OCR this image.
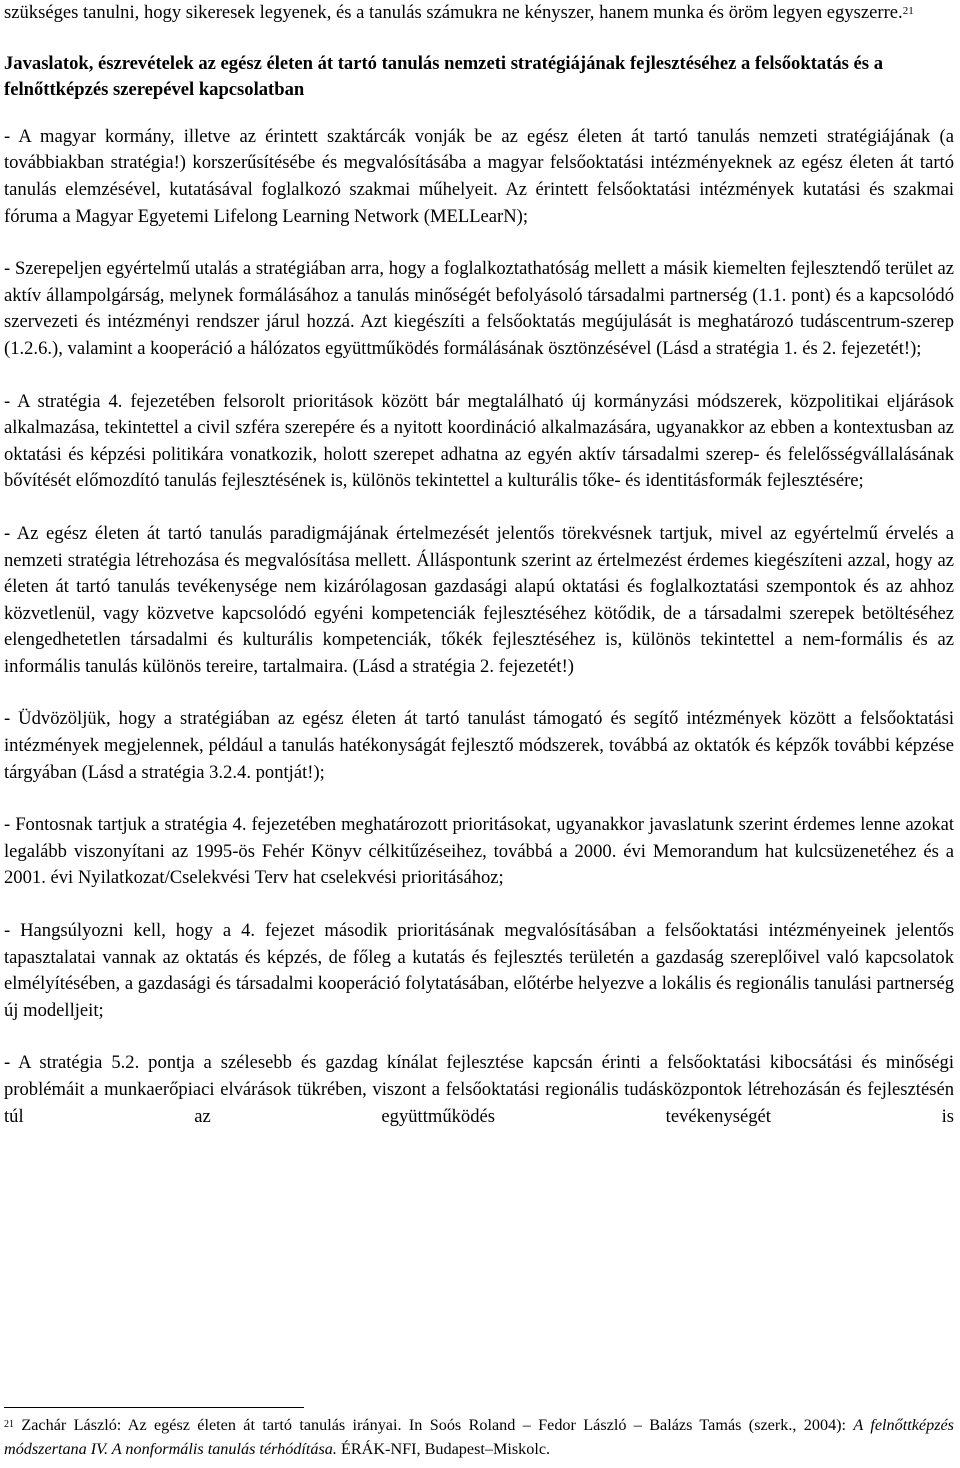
szükséges tanulni, hogy sikeresek legyenek, és a tanulás számukra ne kényszer, hanem munka és öröm legyen egyszerre.$^{21}$

Javaslatok, észrevételek az egész életen át tartó tanulás nemzeti stratégiájának fejlesztéséhez a felsőoktatás és a felnőttképzés szerepével kapcsolatban

- A magyar kormány, illetve az érintett szaktárcák vonják be az egész életen át tartó tanulás nemzeti stratégiájának (a továbbiakban stratégia!) korszerűsítésébe és megvalósításába a magyar felsőoktatási intézményeknek az egész életen át tartó tanulás elemzésével, kutatásával foglalkozó szakmai műhelyeit. Az érintett felsőoktatási intézmények kutatási és szakmai fóruma a Magyar Egyetemi Lifelong Learning Network (MELLearN);

- Szerepeljen egyértelmű utalás a stratégiában arra, hogy a foglalkoztathatóság mellett a másik kiemelten fejlesztendő terület az aktív állampolgárság, melynek formálásához a tanulás minőségét befolyásoló társadalmi partnerség (1.1. pont) és a kapcsolódó szervezeti és intézményi rendszer járul hozzá. Azt kiegészíti a felsőoktatás megújulását is meghatározó tudáscentrum-szerep (1.2.6.), valamint a kooperáció a hálózatos együttműködés formálásának ösztönzésével (Lásd a stratégia 1. és 2. fejezetét!);

- A stratégia 4. fejezetében felsorolt prioritások között bár megtalálható új kormányzási módszerek, közpolitikai eljárások alkalmazása, tekintettel a civil szféra szerepére és a nyitott koordináció alkalmazására, ugyanakkor az ebben a kontextusban az oktatási és képzési politikára vonatkozik, holott szerepet adhatna az egyén aktív társadalmi szerep- és felelősségvállalásának bővítését előmozdító tanulás fejlesztésének is, különös tekintettel a kulturális tőke- és identitásformák fejlesztésére;

- Az egész életen át tartó tanulás paradigmájának értelmezését jelentős törekvésnek tartjuk, mivel az egyértelmű érvelés a nemzeti stratégia létrehozása és megvalósítása mellett. Álláspontunk szerint az értelmezést érdemes kiegészíteni azzal, hogy az életen át tartó tanulás tevékenysége nem kizárólagosan gazdasági alapú oktatási és foglalkoztatási szempontok és az ahhoz közvetlenül, vagy közvetve kapcsolódó egyéni kompetenciák fejlesztéséhez kötődik, de a társadalmi szerepek betöltéséhez elengedhetetlen társadalmi és kulturális kompetenciák, tőkék fejlesztéséhez is, különös tekintettel a nem-formális és az informális tanulás különös tereire, tartalmaira. (Lásd a stratégia 2. fejezetét!)

- Üdvözöljük, hogy a stratégiában az egész életen át tartó tanulást támogató és segítő intézmények között a felsőoktatási intézmények megjelennek, például a tanulás hatékonyságát fejlesztő módszerek, továbbá az oktatók és képzők további képzése tárgyában (Lásd a stratégia 3.2.4. pontját!);

- Fontosnak tartjuk a stratégia 4. fejezetében meghatározott prioritásokat, ugyanakkor javaslatunk szerint érdemes lenne azokat legalább viszonyítani az 1995-ös Fehér Könyv célkitűzéseihez, továbbá a 2000. évi Memorandum hat kulcsüzenetéhez és a 2001. évi Nyilatkozat/Cselekvési Terv hat cselekvési prioritásához;

- Hangsúlyozni kell, hogy a 4. fejezet második prioritásának megvalósításában a felsőoktatási intézményeinek jelentős tapasztalatai vannak az oktatás és képzés, de főleg a kutatás és fejlesztés területén a gazdaság szereplőivel való kapcsolatok elmélyítésében, a gazdasági és társadalmi kooperáció folytatásában, előtérbe helyezve a lokális és regionális tanulási partnerség új modelljeit;

- A stratégia 5.2. pontja a szélesebb és gazdag kínálat fejlesztése kapcsán érinti a felsőoktatási kibocsátási és minőségi problémáit a munkaerőpiaci elvárások tükrében, viszont a felsőoktatási regionális tudásközpontok létrehozásán és fejlesztésén túl az együttműködés tevékenységét is

$^{21}$ Zachár László: Az egész életen át tartó tanulás irányai. In Soós Roland – Fedor László – Balázs Tamás (szerk., 2004): A felnőttképzés módszertana IV. A nonformális tanulás térhódítása. ÉRÁK-NFI, Budapest–Miskolc.
